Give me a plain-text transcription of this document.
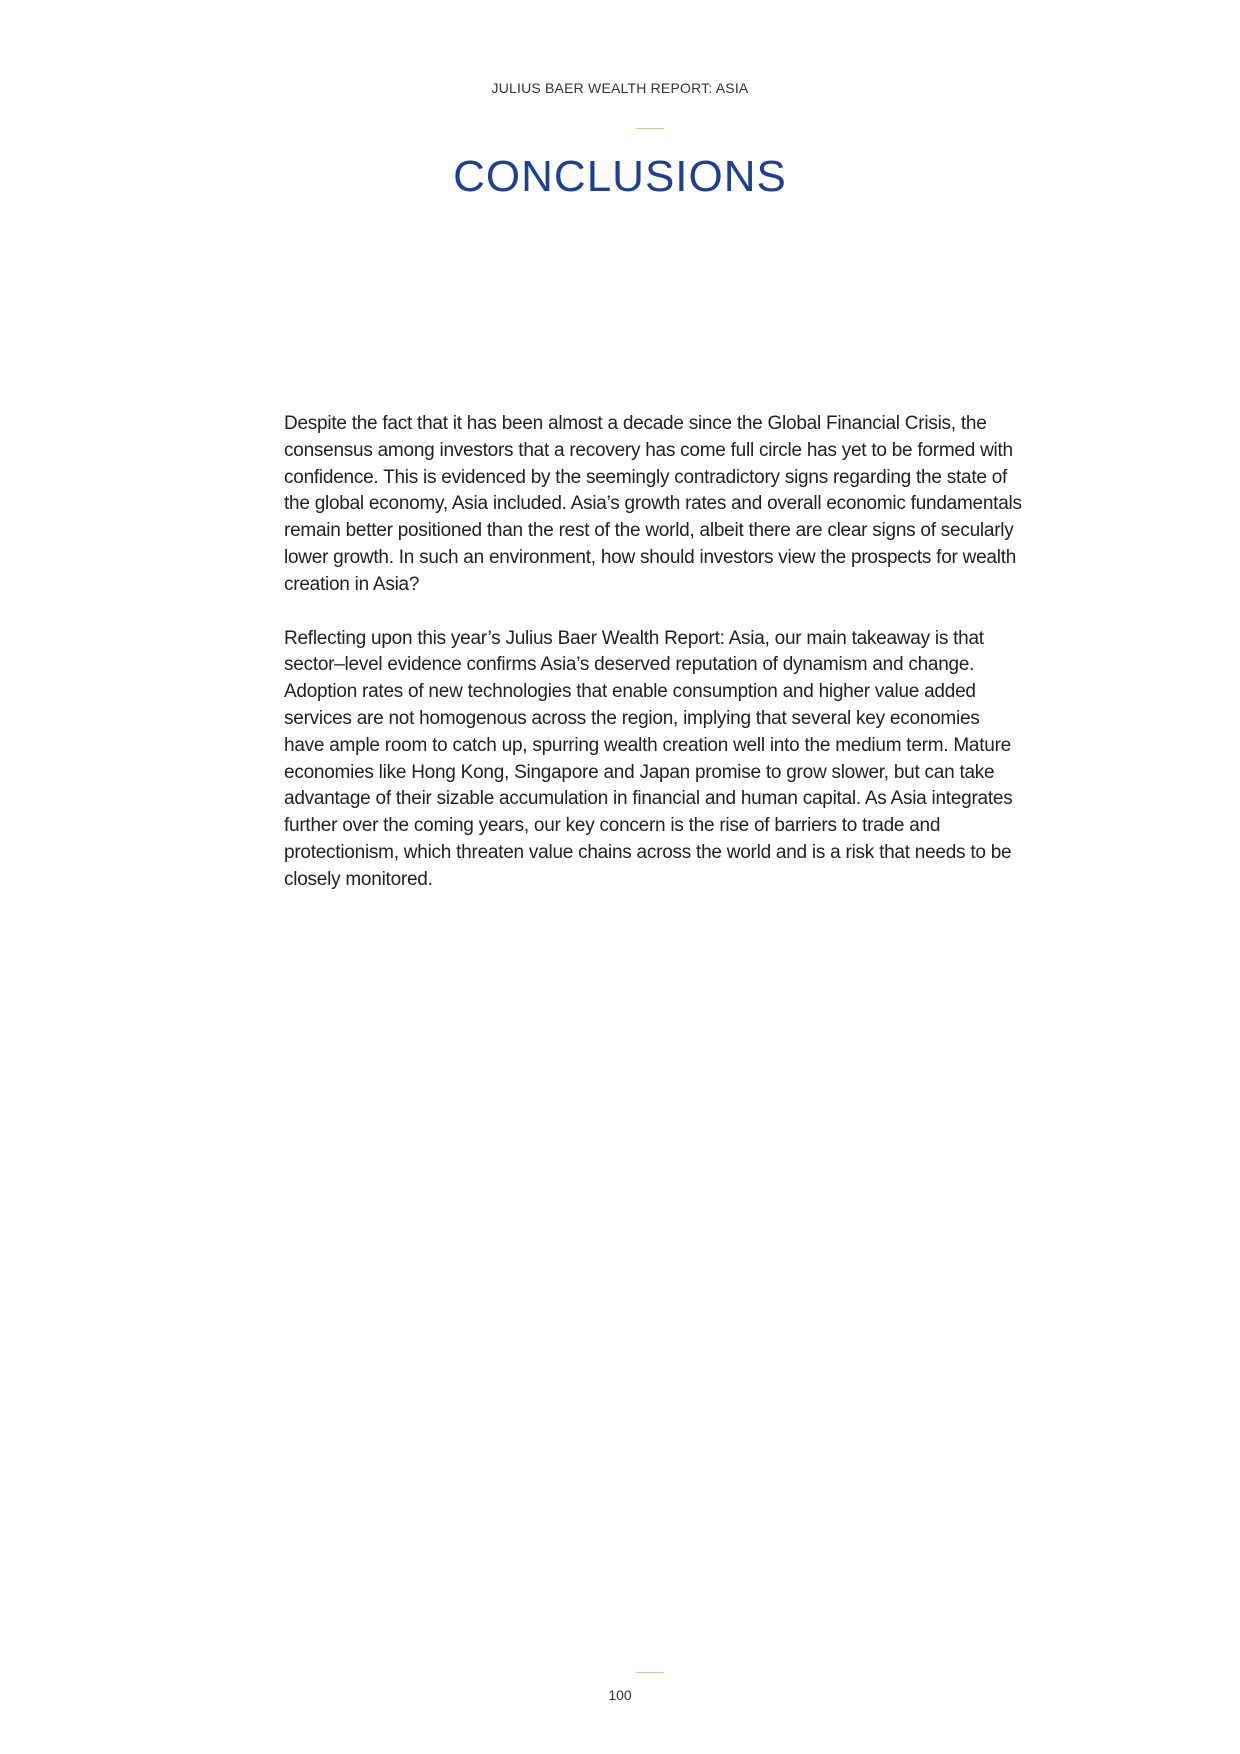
JULIUS BAER WEALTH REPORT: ASIA
CONCLUSIONS

Despite the fact that it has been almost a decade since the Global Financial Crisis, the consensus among investors that a recovery has come full circle has yet to be formed with confidence. This is evidenced by the seemingly contradictory signs regarding the state of the global economy, Asia included. Asia’s growth rates and overall economic fundamentals remain better positioned than the rest of the world, albeit there are clear signs of secularly lower growth. In such an environment, how should investors view the prospects for wealth creation in Asia?

Reflecting upon this year’s Julius Baer Wealth Report: Asia, our main takeaway is that sector–level evidence confirms Asia’s deserved reputation of dynamism and change. Adoption rates of new technologies that enable consumption and higher value added services are not homogenous across the region, implying that several key economies have ample room to catch up, spurring wealth creation well into the medium term. Mature economies like Hong Kong, Singapore and Japan promise to grow slower, but can take advantage of their sizable accumulation in financial and human capital. As Asia integrates further over the coming years, our key concern is the rise of barriers to trade and protectionism, which threaten value chains across the world and is a risk that needs to be closely monitored.

100
